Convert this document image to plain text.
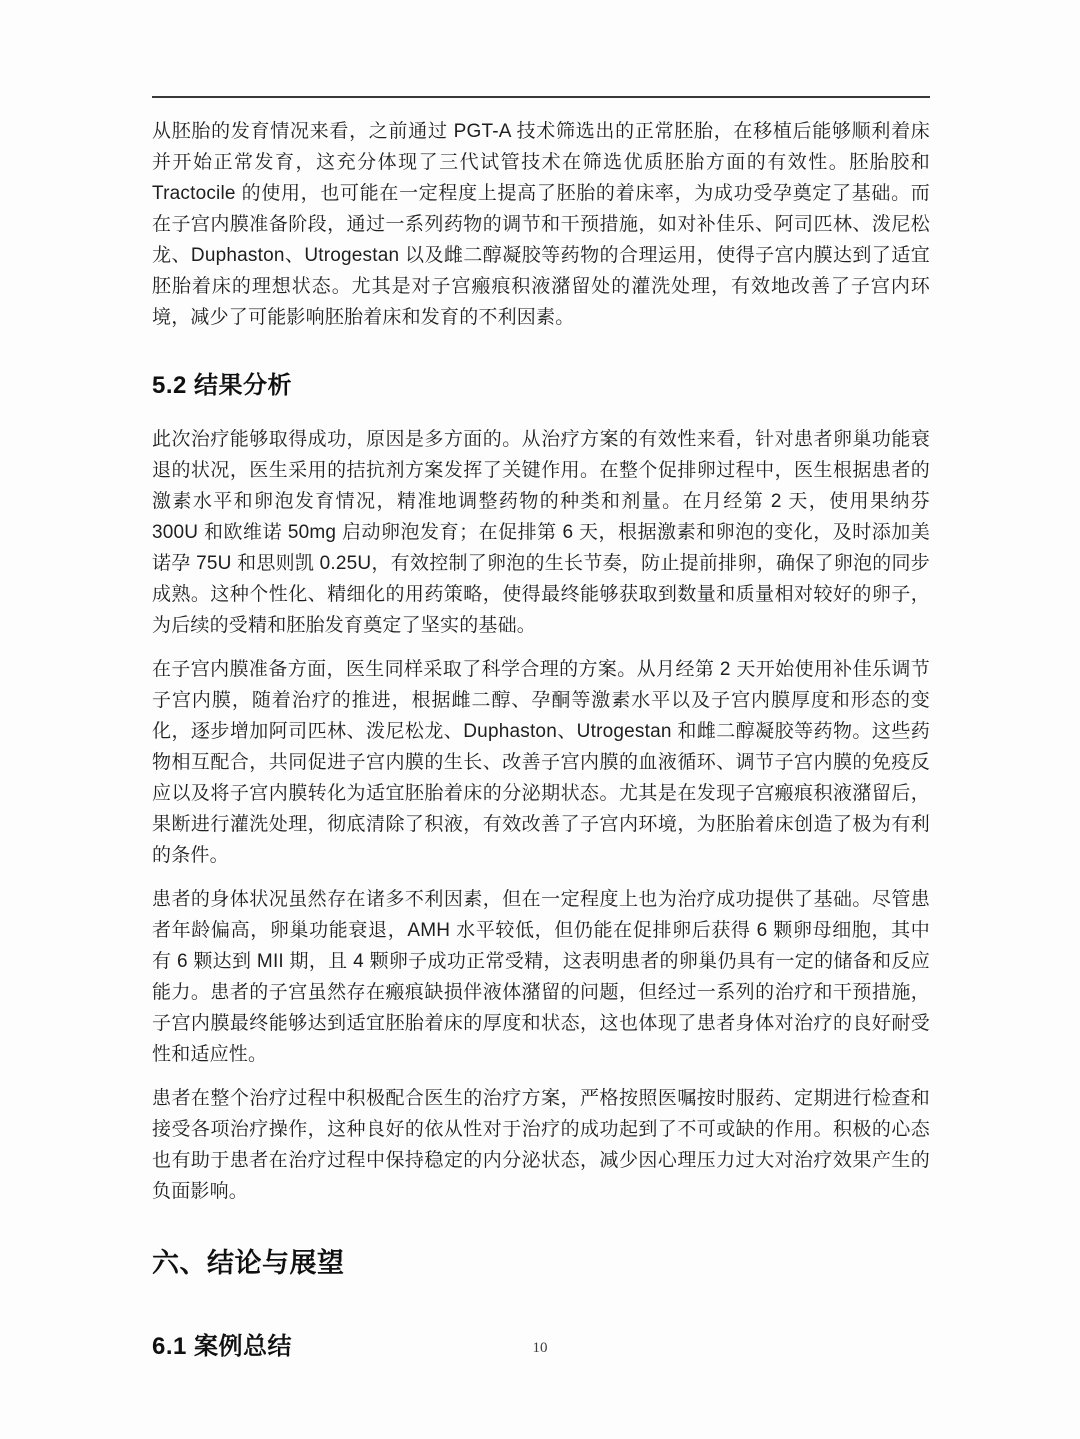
从胚胎的发育情况来看，之前通过 PGT-A 技术筛选出的正常胚胎，在移植后能够顺利着床并开始正常发育，这充分体现了三代试管技术在筛选优质胚胎方面的有效性。胚胎胶和 Tractocile 的使用，也可能在一定程度上提高了胚胎的着床率，为成功受孕奠定了基础。而在子宫内膜准备阶段，通过一系列药物的调节和干预措施，如对补佳乐、阿司匹林、泼尼松龙、Duphaston、Utrogestan 以及雌二醇凝胶等药物的合理运用，使得子宫内膜达到了适宜胚胎着床的理想状态。尤其是对子宫瘢痕积液潴留处的灌洗处理，有效地改善了子宫内环境，减少了可能影响胚胎着床和发育的不利因素。

5.2 结果分析

此次治疗能够取得成功，原因是多方面的。从治疗方案的有效性来看，针对患者卵巢功能衰退的状况，医生采用的拮抗剂方案发挥了关键作用。在整个促排卵过程中，医生根据患者的激素水平和卵泡发育情况，精准地调整药物的种类和剂量。在月经第 2 天，使用果纳芬 300U 和欧维诺 50mg 启动卵泡发育；在促排第 6 天，根据激素和卵泡的变化，及时添加美诺孕 75U 和思则凯 0.25U，有效控制了卵泡的生长节奏，防止提前排卵，确保了卵泡的同步成熟。这种个性化、精细化的用药策略，使得最终能够获取到数量和质量相对较好的卵子，为后续的受精和胚胎发育奠定了坚实的基础。

在子宫内膜准备方面，医生同样采取了科学合理的方案。从月经第 2 天开始使用补佳乐调节子宫内膜，随着治疗的推进，根据雌二醇、孕酮等激素水平以及子宫内膜厚度和形态的变化，逐步增加阿司匹林、泼尼松龙、Duphaston、Utrogestan 和雌二醇凝胶等药物。这些药物相互配合，共同促进子宫内膜的生长、改善子宫内膜的血液循环、调节子宫内膜的免疫反应以及将子宫内膜转化为适宜胚胎着床的分泌期状态。尤其是在发现子宫瘢痕积液潴留后，果断进行灌洗处理，彻底清除了积液，有效改善了子宫内环境，为胚胎着床创造了极为有利的条件。

患者的身体状况虽然存在诸多不利因素，但在一定程度上也为治疗成功提供了基础。尽管患者年龄偏高，卵巢功能衰退，AMH 水平较低，但仍能在促排卵后获得 6 颗卵母细胞，其中有 6 颗达到 MII 期，且 4 颗卵子成功正常受精，这表明患者的卵巢仍具有一定的储备和反应能力。患者的子宫虽然存在瘢痕缺损伴液体潴留的问题，但经过一系列的治疗和干预措施，子宫内膜最终能够达到适宜胚胎着床的厚度和状态，这也体现了患者身体对治疗的良好耐受性和适应性。

患者在整个治疗过程中积极配合医生的治疗方案，严格按照医嘱按时服药、定期进行检查和接受各项治疗操作，这种良好的依从性对于治疗的成功起到了不可或缺的作用。积极的心态也有助于患者在治疗过程中保持稳定的内分泌状态，减少因心理压力过大对治疗效果产生的负面影响。

六、结论与展望
6.1 案例总结	10
